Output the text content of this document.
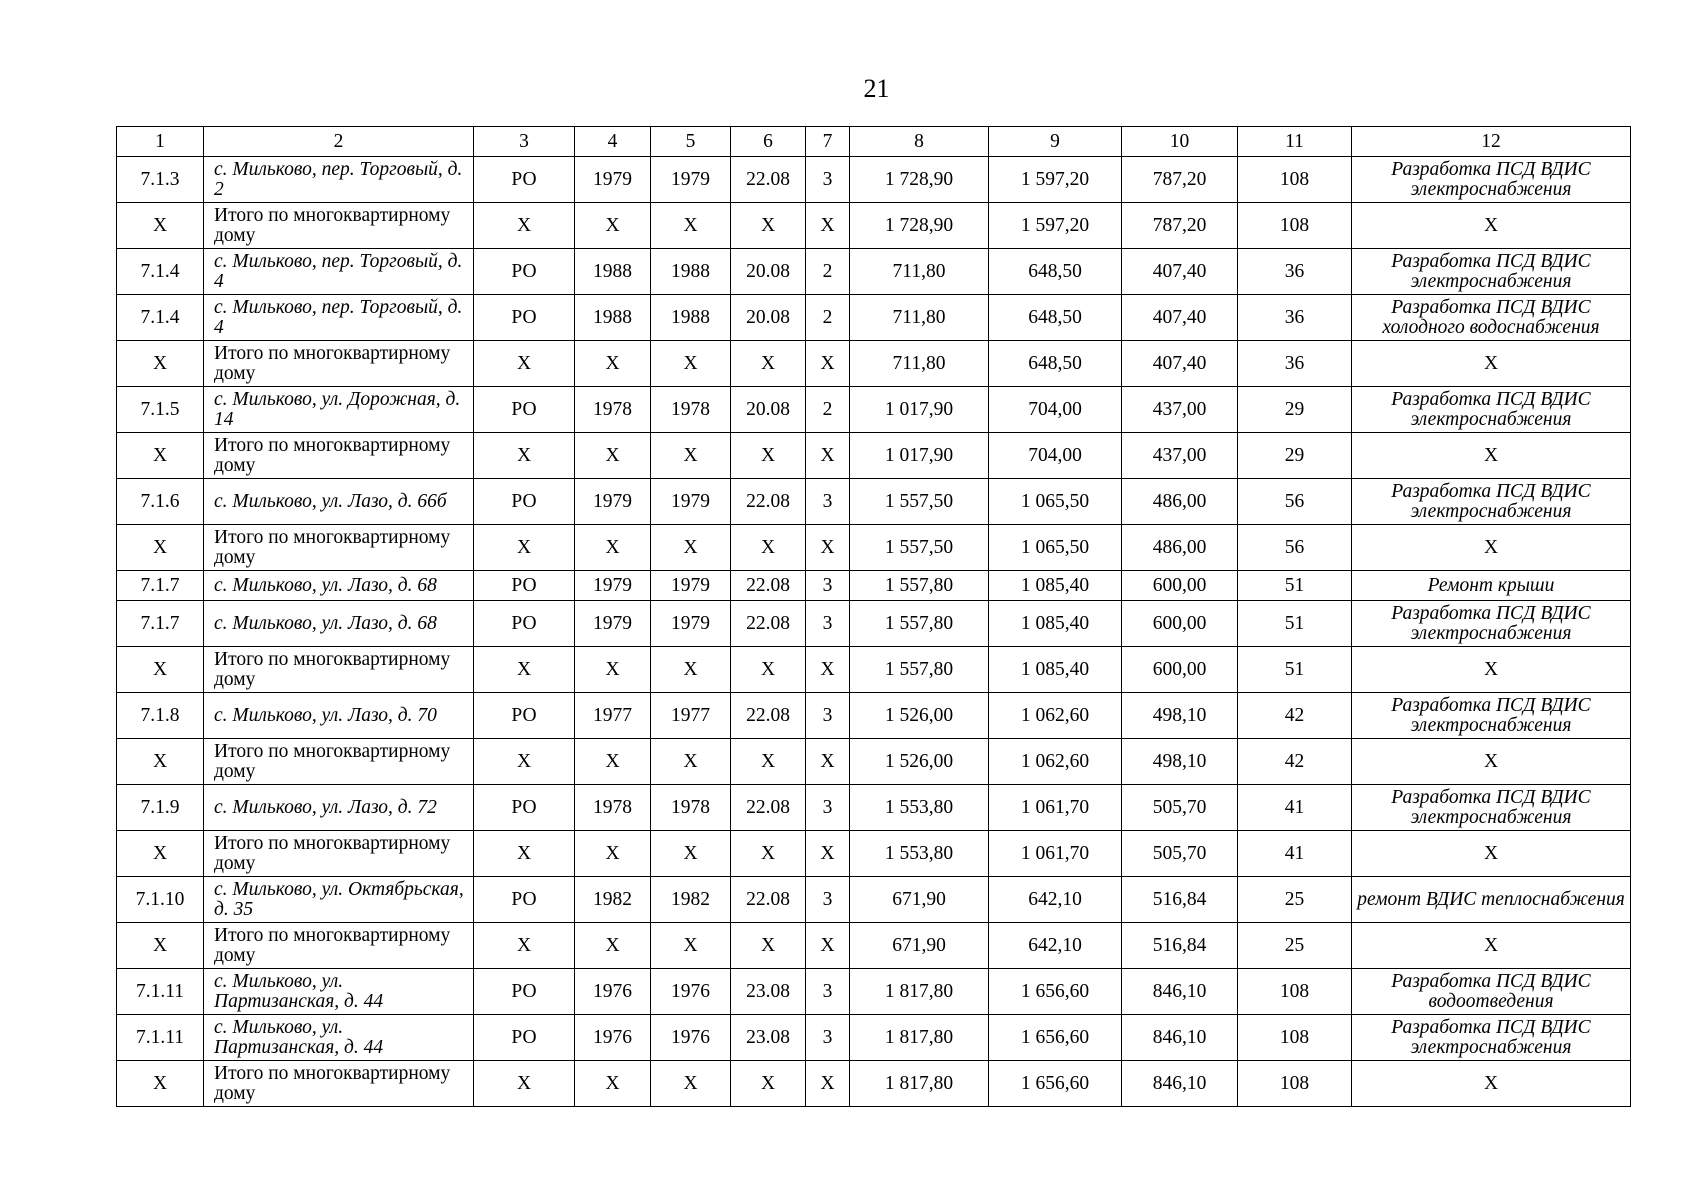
21
1	2	3	4	5	6	7	8	9	10	11	12
7.1.3	с. Мильково, пер. Торговый, д. 2	РО	1979	1979	22.08	3	1 728,90	1 597,20	787,20	108	Разработка ПСД ВДИС электроснабжения
Х	Итого по многоквартирному дому	Х	Х	Х	Х	Х	1 728,90	1 597,20	787,20	108	Х
7.1.4	с. Мильково, пер. Торговый, д. 4	РО	1988	1988	20.08	2	711,80	648,50	407,40	36	Разработка ПСД ВДИС электроснабжения
7.1.4	с. Мильково, пер. Торговый, д. 4	РО	1988	1988	20.08	2	711,80	648,50	407,40	36	Разработка ПСД ВДИС холодного водоснабжения
Х	Итого по многоквартирному дому	Х	Х	Х	Х	Х	711,80	648,50	407,40	36	Х
7.1.5	с. Мильково, ул. Дорожная, д. 14	РО	1978	1978	20.08	2	1 017,90	704,00	437,00	29	Разработка ПСД ВДИС электроснабжения
Х	Итого по многоквартирному дому	Х	Х	Х	Х	Х	1 017,90	704,00	437,00	29	Х
7.1.6	с. Мильково, ул. Лазо, д. 66б	РО	1979	1979	22.08	3	1 557,50	1 065,50	486,00	56	Разработка ПСД ВДИС электроснабжения
Х	Итого по многоквартирному дому	Х	Х	Х	Х	Х	1 557,50	1 065,50	486,00	56	Х
7.1.7	с. Мильково, ул. Лазо, д. 68	РО	1979	1979	22.08	3	1 557,80	1 085,40	600,00	51	Ремонт крыши
7.1.7	с. Мильково, ул. Лазо, д. 68	РО	1979	1979	22.08	3	1 557,80	1 085,40	600,00	51	Разработка ПСД ВДИС электроснабжения
Х	Итого по многоквартирному дому	Х	Х	Х	Х	Х	1 557,80	1 085,40	600,00	51	Х
7.1.8	с. Мильково, ул. Лазо, д. 70	РО	1977	1977	22.08	3	1 526,00	1 062,60	498,10	42	Разработка ПСД ВДИС электроснабжения
Х	Итого по многоквартирному дому	Х	Х	Х	Х	Х	1 526,00	1 062,60	498,10	42	Х
7.1.9	с. Мильково, ул. Лазо, д. 72	РО	1978	1978	22.08	3	1 553,80	1 061,70	505,70	41	Разработка ПСД ВДИС электроснабжения
Х	Итого по многоквартирному дому	Х	Х	Х	Х	Х	1 553,80	1 061,70	505,70	41	Х
7.1.10	с. Мильково, ул. Октябрьская, д. 35	РО	1982	1982	22.08	3	671,90	642,10	516,84	25	ремонт ВДИС теплоснабжения
Х	Итого по многоквартирному дому	Х	Х	Х	Х	Х	671,90	642,10	516,84	25	Х
7.1.11	с. Мильково, ул. Партизанская, д. 44	РО	1976	1976	23.08	3	1 817,80	1 656,60	846,10	108	Разработка ПСД ВДИС водоотведения
7.1.11	с. Мильково, ул. Партизанская, д. 44	РО	1976	1976	23.08	3	1 817,80	1 656,60	846,10	108	Разработка ПСД ВДИС электроснабжения
Х	Итого по многоквартирному дому	Х	Х	Х	Х	Х	1 817,80	1 656,60	846,10	108	Х
